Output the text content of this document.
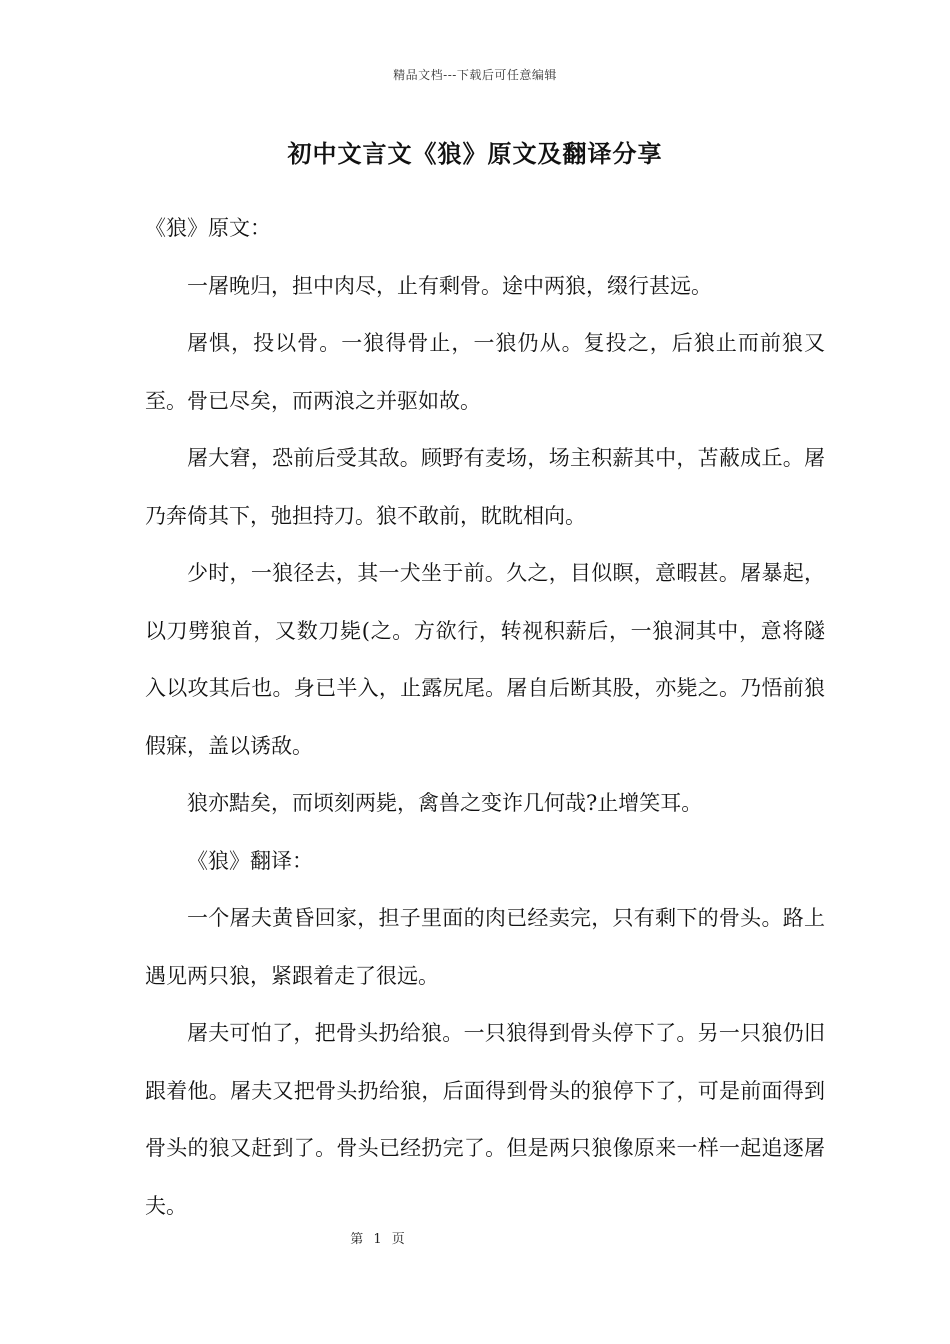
精品文档---下载后可任意编辑
初中文言文《狼》原文及翻译分享

《狼》原文：

一屠晚归，担中肉尽，止有剩骨。途中两狼，缀行甚远。

屠惧，投以骨。一狼得骨止，一狼仍从。复投之，后狼止而前狼又至。骨已尽矣，而两浪之并驱如故。

屠大窘，恐前后受其敌。顾野有麦场，场主积薪其中，苫蔽成丘。屠乃奔倚其下，弛担持刀。狼不敢前，眈眈相向。

少时，一狼径去，其一犬坐于前。久之，目似瞑，意暇甚。屠暴起，以刀劈狼首，又数刀毙(之。方欲行，转视积薪后，一狼洞其中，意将隧入以攻其后也。身已半入，止露尻尾。屠自后断其股，亦毙之。乃悟前狼假寐，盖以诱敌。

狼亦黠矣，而顷刻两毙，禽兽之变诈几何哉?止增笑耳。

《狼》翻译：

一个屠夫黄昏回家，担子里面的肉已经卖完，只有剩下的骨头。路上遇见两只狼，紧跟着走了很远。

屠夫可怕了，把骨头扔给狼。一只狼得到骨头停下了。另一只狼仍旧跟着他。屠夫又把骨头扔给狼，后面得到骨头的狼停下了，可是前面得到骨头的狼又赶到了。骨头已经扔完了。但是两只狼像原来一样一起追逐屠夫。

第 1 页
